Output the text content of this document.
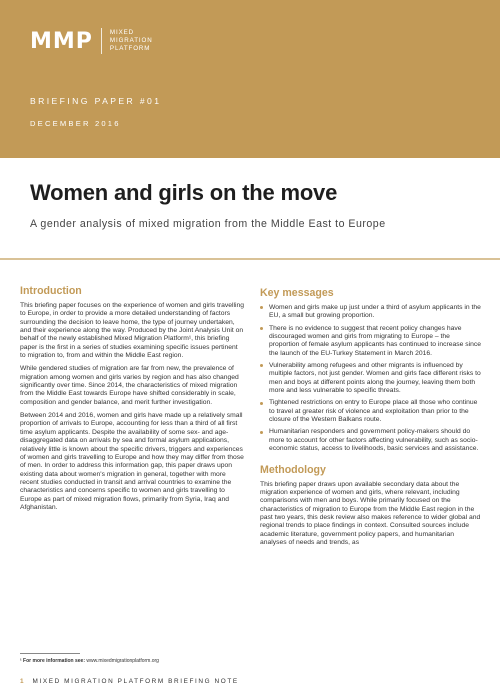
MMP	MIXED
MIGRATION
PLATFORM
BRIEFING PAPER #01
DECEMBER 2016
Women and girls on the move
A gender analysis of mixed migration from the Middle East to Europe
Introduction

This briefing paper focuses on the experience of women and girls travelling to Europe, in order to provide a more detailed understanding of factors surrounding the decision to leave home, the type of journey undertaken, and their experience along the way. Produced by the Joint Analysis Unit on behalf of the newly established Mixed Migration Platform¹, this briefing paper is the first in a series of studies examining specific issues pertinent to migration to, from and within the Middle East region.

While gendered studies of migration are far from new, the prevalence of migration among women and girls varies by region and has also changed significantly over time. Since 2014, the characteristics of mixed migration from the Middle East towards Europe have shifted considerably in scale, composition and gender balance, and merit further investigation.

Between 2014 and 2016, women and girls have made up a relatively small proportion of arrivals to Europe, accounting for less than a third of all first time asylum applicants. Despite the availability of some sex- and age-disaggregated data on arrivals by sea and formal asylum applications, relatively little is known about the specific drivers, triggers and experiences of women and girls travelling to Europe and how they may differ from those of men. In order to address this information gap, this paper draws upon existing data about women's migration in general, together with more recent studies conducted in transit and arrival countries to examine the characteristics and concerns specific to women and girls travelling to Europe as part of mixed migration flows, primarily from Syria, Iraq and Afghanistan.

Key messages
Women and girls make up just under a third of asylum applicants in the EU, a small but growing proportion.
There is no evidence to suggest that recent policy changes have discouraged women and girls from migrating to Europe – the proportion of female asylum applicants has continued to increase since the launch of the EU-Turkey Statement in March 2016.
Vulnerability among refugees and other migrants is influenced by multiple factors, not just gender. Women and girls face different risks to men and boys at different points along the journey, leaving them both more and less vulnerable to specific threats.
Tightened restrictions on entry to Europe place all those who continue to travel at greater risk of violence and exploitation than prior to the closure of the Western Balkans route.
Humanitarian responders and government policy-makers should do more to account for other factors affecting vulnerability, such as socio-economic status, access to livelihoods, basic services and assistance.
Methodology
This briefing paper draws upon available secondary data about the migration experience of women and girls, where relevant, including comparisons with men and boys. While primarily focused on the characteristics of migration to Europe from the Middle East region in the past two years, this desk review also makes reference to wider global and regional trends to place findings in context. Consulted sources include academic literature, government policy papers, and humanitarian analyses of needs and trends, as
¹ For more information see: www.mixedmigrationplatform.org
1 MIXED MIGRATION PLATFORM BRIEFING NOTE
